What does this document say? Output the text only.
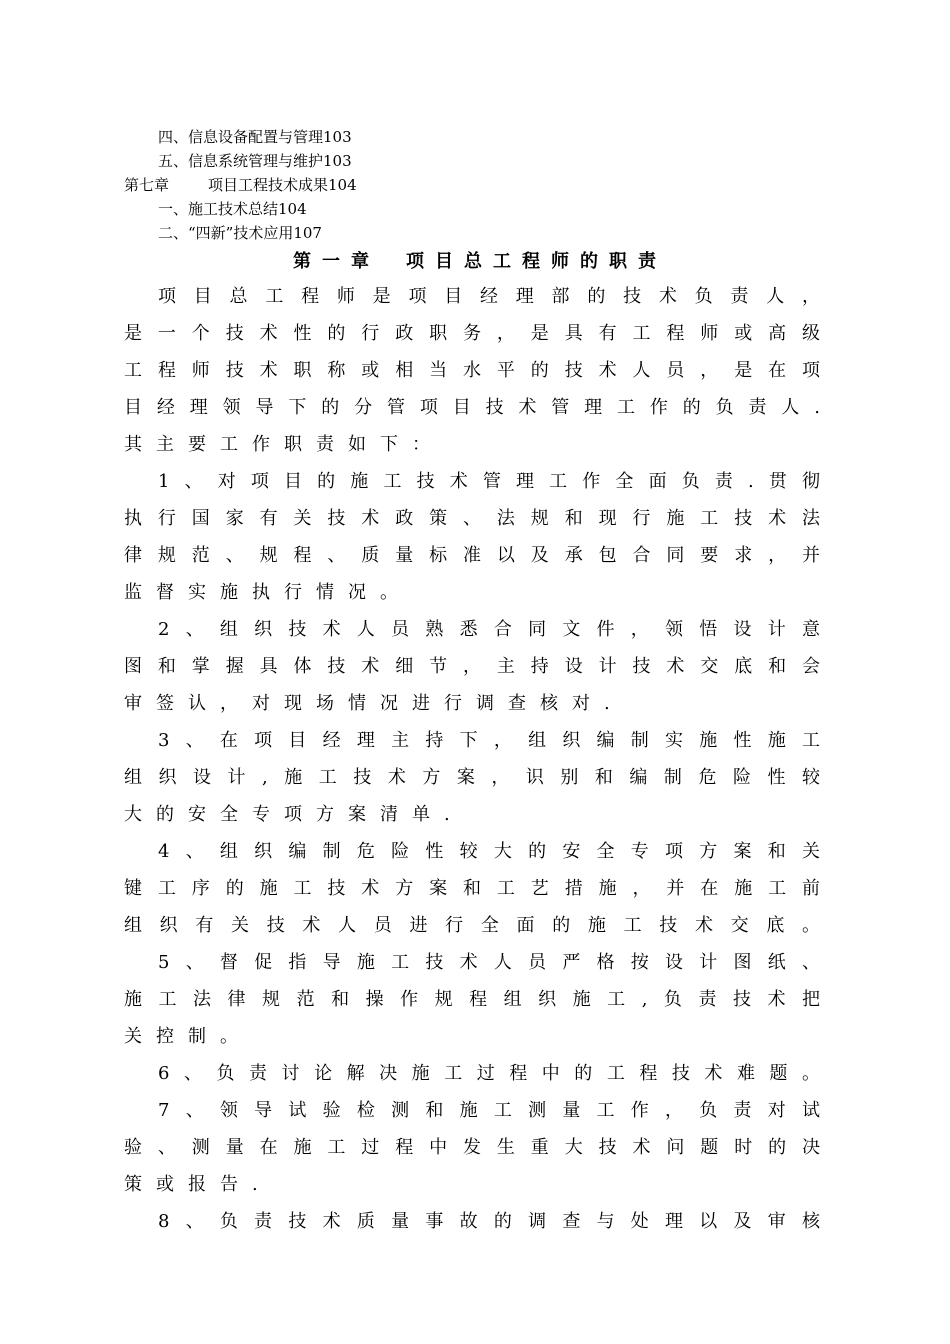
四、信息设备配置与管理103
五、信息系统管理与维护103
第七章	项目工程技术成果104
一、施工技术总结104
二、“四新”技术应用107
第一章 项目总工程师的职责
项目总工程师是项目经理部的技术负责人，
是一个技术性的行政职务，是具有工程师或高级
工程师技术职称或相当水平的技术人员，是在项
目经理领导下的分管项目技术管理工作的负责人.
其主要工作职责如下：
1、对项目的施工技术管理工作全面负责.贯彻
执行国家有关技术政策、法规和现行施工技术法
律规范、规程、质量标准以及承包合同要求，并
监督实施执行情况。
2、组织技术人员熟悉合同文件，领悟设计意
图和掌握具体技术细节，主持设计技术交底和会
审签认，对现场情况进行调查核对.
3、在项目经理主持下，组织编制实施性施工
组织设计,施工技术方案，识别和编制危险性较
大的安全专项方案清单.
4、组织编制危险性较大的安全专项方案和关
键工序的施工技术方案和工艺措施，并在施工前
组织有关技术人员进行全面的施工技术交底。
5、督促指导施工技术人员严格按设计图纸、
施工法律规范和操作规程组织施工,负责技术把
关控制。
6、负责讨论解决施工过程中的工程技术难题。
7、领导试验检测和施工测量工作，负责对试
验、测量在施工过程中发生重大技术问题时的决
策或报告.
8、负责技术质量事故的调查与处理以及审核
